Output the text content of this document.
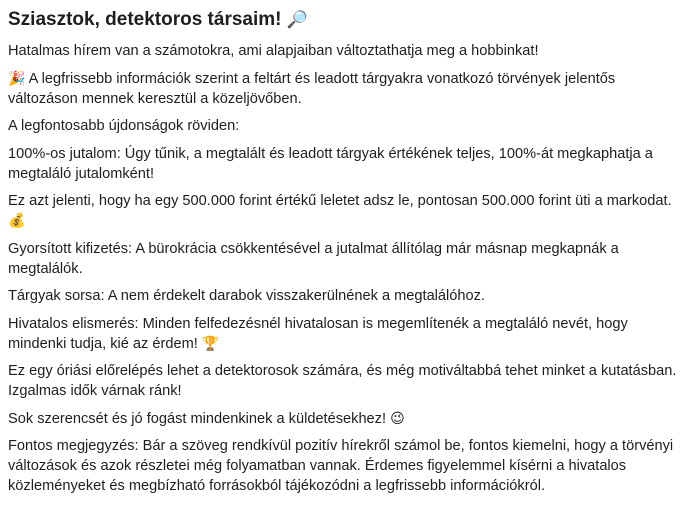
Sziasztok, detektoros társaim! 🔎

Hatalmas hírem van a számotokra, ami alapjaiban változtathatja meg a hobbinkat!

🎉 A legfrissebb információk szerint a feltárt és leadott tárgyakra vonatkozó törvények jelentős változáson mennek keresztül a közeljövőben.

A legfontosabb újdonságok röviden:

100%-os jutalom: Úgy tűnik, a megtalált és leadott tárgyak értékének teljes, 100%-át megkaphatja a megtaláló jutalomként!

Ez azt jelenti, hogy ha egy 500.000 forint értékű leletet adsz le, pontosan 500.000 forint üti a markodat. 💰

Gyorsított kifizetés: A bürokrácia csökkentésével a jutalmat állítólag már másnap megkapnák a megtalálók.

Tárgyak sorsa: A nem érdekelt darabok visszakerülnének a megtalálóhoz.

Hivatalos elismerés: Minden felfedezésnél hivatalosan is megemlítenék a megtaláló nevét, hogy mindenki tudja, kié az érdem! 🏆

Ez egy óriási előrelépés lehet a detektorosok számára, és még motiváltabbá tehet minket a kutatásban. Izgalmas idők várnak ránk!

Sok szerencsét és jó fogást mindenkinek a küldetésekhez! 😉

Fontos megjegyzés: Bár a szöveg rendkívül pozitív hírekről számol be, fontos kiemelni, hogy a törvényi változások és azok részletei még folyamatban vannak. Érdemes figyelemmel kísérni a hivatalos közleményeket és megbízható forrásokból tájékozódni a legfrissebb információkról.
